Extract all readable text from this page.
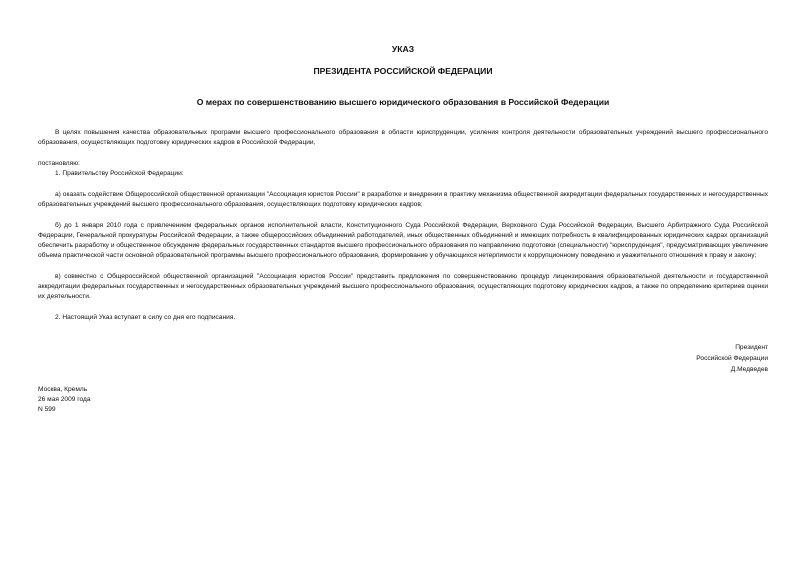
УКАЗ

ПРЕЗИДЕНТА РОССИЙСКОЙ ФЕДЕРАЦИИ

О мерах по совершенствованию высшего юридического образования в Российской Федерации

В целях повышения качества образовательных программ высшего профессионального образования в области юриспруденции, усиления контроля деятельности образовательных учреждений высшего профессионального образования, осуществляющих подготовку юридических кадров в Российской Федерации,

постановляю:

1. Правительству Российской Федерации:

а) оказать содействие Общероссийской общественной организации "Ассоциация юристов России" в разработке и внедрении в практику механизма общественной аккредитации федеральных государственных и негосударственных образовательных учреждений высшего профессионального образования, осуществляющих подготовку юридических кадров;

б) до 1 января 2010 года с привлечением федеральных органов исполнительной власти, Конституционного Суда Российской Федерации, Верховного Суда Российской Федерации, Высшего Арбитражного Суда Российской Федерации, Генеральной прокуратуры Российской Федерации, а также общероссийских объединений работодателей, иных общественных объединений и имеющих потребность в квалифицированных юридических кадрах организаций обеспечить разработку и общественное обсуждение федеральных государственных стандартов высшего профессионального образования по направлению подготовки (специальности) "юриспруденция", предусматривающих увеличение объема практической части основной образовательной программы высшего профессионального образования, формирование у обучающихся нетерпимости к коррупционному поведению и уважительного отношения к праву и закону;

в) совместно с Общероссийской общественной организацией "Ассоциация юристов России" представить предложения по совершенствованию процедур лицензирования образовательной деятельности и государственной аккредитации федеральных государственных и негосударственных образовательных учреждений высшего профессионального образования, осуществляющих подготовку юридических кадров, а также по определению критериев оценки их деятельности.

2. Настоящий Указ вступает в силу со дня его подписания.

Президент
Российской Федерации
Д.Медведев
Москва, Кремль
26 мая 2009 года
N 599
